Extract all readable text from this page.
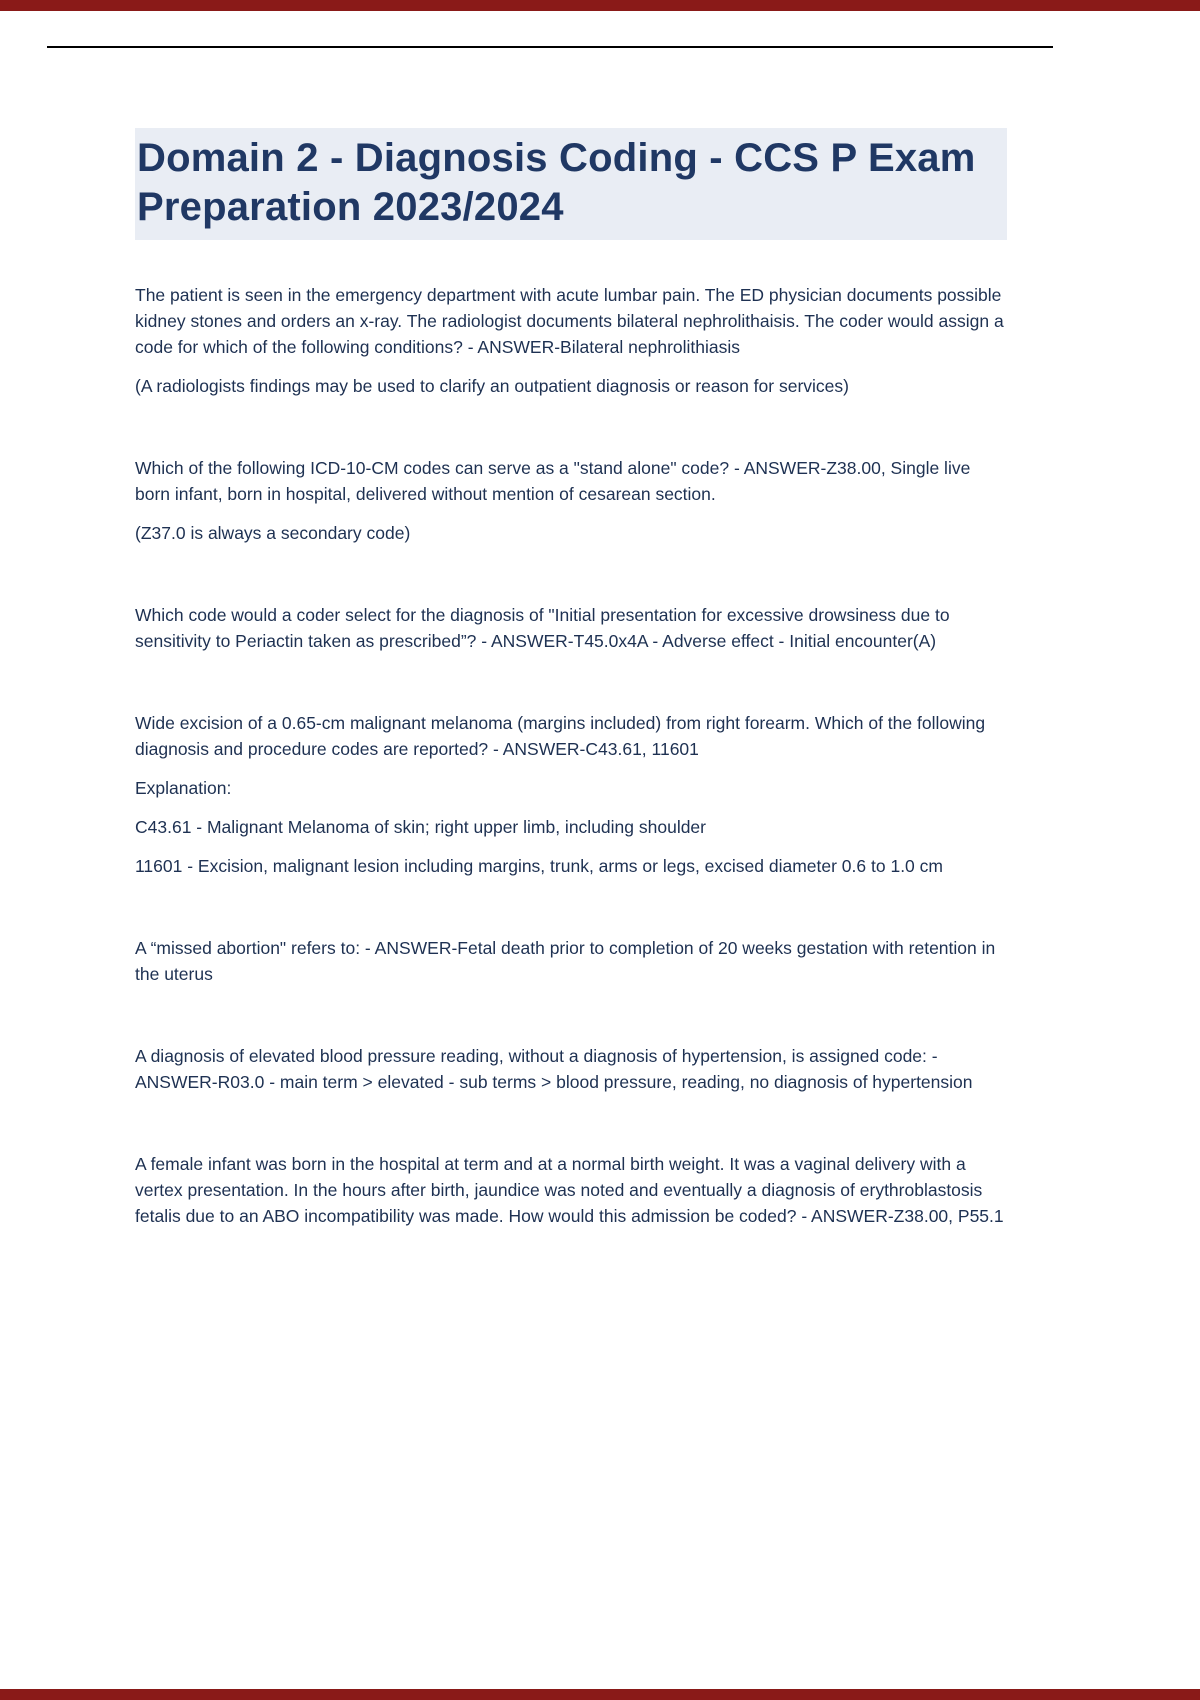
Domain 2 - Diagnosis Coding - CCS P Exam Preparation 2023/2024

The patient is seen in the emergency department with acute lumbar pain. The ED physician documents possible kidney stones and orders an x-ray. The radiologist documents bilateral nephrolithaisis. The coder would assign a code for which of the following conditions? - ANSWER-Bilateral nephrolithiasis

(A radiologists findings may be used to clarify an outpatient diagnosis or reason for services)

Which of the following ICD-10-CM codes can serve as a "stand alone" code? - ANSWER-Z38.00, Single live born infant, born in hospital, delivered without mention of cesarean section.

(Z37.0 is always a secondary code)

Which code would a coder select for the diagnosis of "Initial presentation for excessive drowsiness due to sensitivity to Periactin taken as prescribed”? - ANSWER-T45.0x4A - Adverse effect - Initial encounter(A)

Wide excision of a 0.65-cm malignant melanoma (margins included) from right forearm. Which of the following diagnosis and procedure codes are reported? - ANSWER-C43.61, 11601

Explanation:

C43.61 - Malignant Melanoma of skin; right upper limb, including shoulder

11601 - Excision, malignant lesion including margins, trunk, arms or legs, excised diameter 0.6 to 1.0 cm

A “missed abortion" refers to: - ANSWER-Fetal death prior to completion of 20 weeks gestation with retention in the uterus

A diagnosis of elevated blood pressure reading, without a diagnosis of hypertension, is assigned code: - ANSWER-R03.0 - main term > elevated - sub terms > blood pressure, reading, no diagnosis of hypertension

A female infant was born in the hospital at term and at a normal birth weight. It was a vaginal delivery with a vertex presentation. In the hours after birth, jaundice was noted and eventually a diagnosis of erythroblastosis fetalis due to an ABO incompatibility was made. How would this admission be coded? - ANSWER-Z38.00, P55.1
